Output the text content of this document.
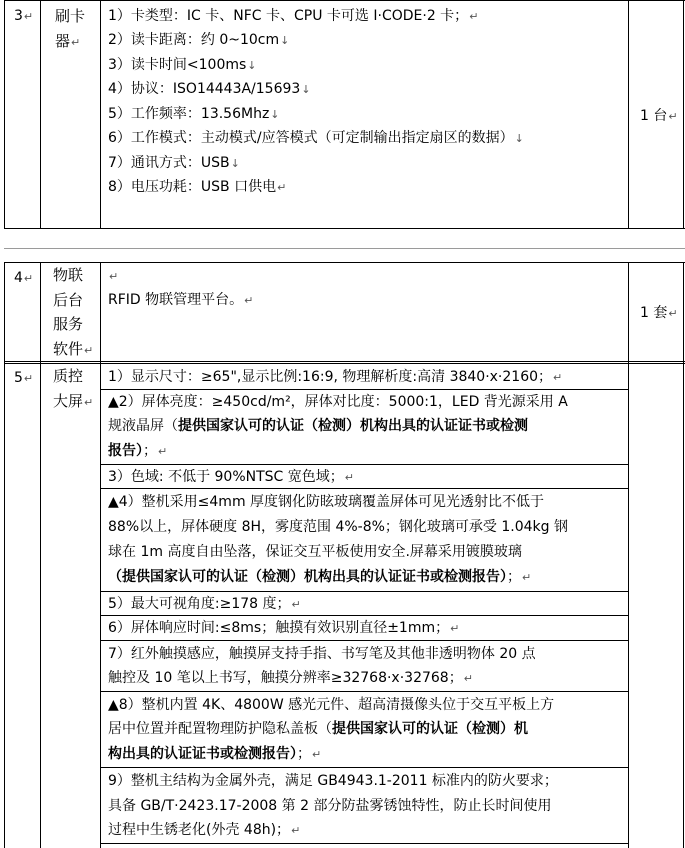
3↵ 刷卡
器↵
1）卡类型：IC 卡、NFC 卡、CPU 卡可选 I·CODE·2 卡；↵
2）读卡距离：约 0~10cm↓
3）读卡时间<100ms↓
4）协议：ISO14443A/15693↓
5）工作频率：13.56Mhz↓
6）工作模式：主动模式/应答模式（可定制输出指定扇区的数据）↓
7）通讯方式：USB↓
8）电压功耗：USB 口供电↵
1 台↵
4↵ 物联
后台
服务
软件↵
↵
RFID 物联管理平台。↵
1 套↵
5↵ 质控
大屏↵
1）显示尺寸：≥65",显示比例:16:9, 物理解析度:高清 3840·x·2160；↵
▲2）屏体亮度：≥450cd/m²，屏体对比度：5000:1，LED 背光源采用 A
规液晶屏（提供国家认可的认证（检测）机构出具的认证证书或检测
报告）；↵
3）色域: 不低于 90%NTSC 宽色域；↵
▲4）整机采用≤4mm 厚度钢化防眩玻璃覆盖屏体可见光透射比不低于
88%以上，屏体硬度 8H，雾度范围 4%-8%；钢化玻璃可承受 1.04kg 钢
球在 1m 高度自由坠落，保证交互平板使用安全.屏幕采用镀膜玻璃
（提供国家认可的认证（检测）机构出具的认证证书或检测报告）；↵
5）最大可视角度:≥178 度；↵
6）屏体响应时间:≤8ms；触摸有效识别直径±1mm；↵
7）红外触摸感应，触摸屏支持手指、书写笔及其他非透明物体 20 点
触控及 10 笔以上书写，触摸分辨率≥32768·x·32768；↵
▲8）整机内置 4K、4800W 感光元件、超高清摄像头位于交互平板上方
居中位置并配置物理防护隐私盖板（提供国家认可的认证（检测）机
构出具的认证证书或检测报告）；↵
9）整机主结构为金属外壳，满足 GB4943.1-2011 标准内的防火要求；
具备 GB/T·2423.17-2008 第 2 部分防盐雾锈蚀特性，防止长时间使用
过程中生锈老化(外壳 48h)；↵
